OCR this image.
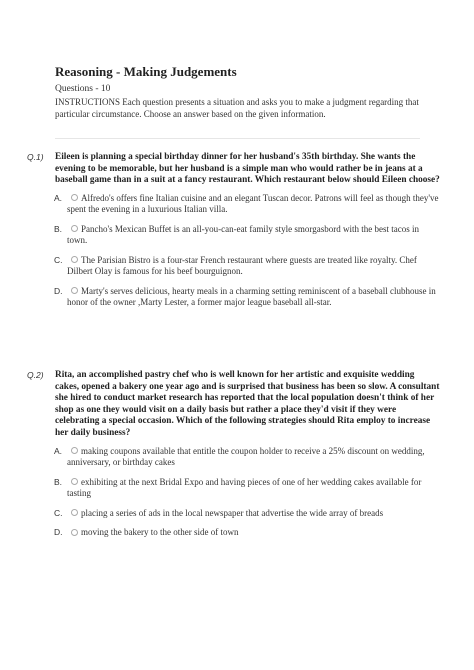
Reasoning - Making Judgements
Questions - 10
INSTRUCTIONS Each question presents a situation and asks you to make a judgment regarding that particular circumstance. Choose an answer based on the given information.
Q.1) Eileen is planning a special birthday dinner for her husband's 35th birthday. She wants the evening to be memorable, but her husband is a simple man who would rather be in jeans at a baseball game than in a suit at a fancy restaurant. Which restaurant below should Eileen choose?
A. Alfredo's offers fine Italian cuisine and an elegant Tuscan decor. Patrons will feel as though they've spent the evening in a luxurious Italian villa.
B. Pancho's Mexican Buffet is an all-you-can-eat family style smorgasbord with the best tacos in town.
C. The Parisian Bistro is a four-star French restaurant where guests are treated like royalty. Chef Dilbert Olay is famous for his beef bourguignon.
D. Marty's serves delicious, hearty meals in a charming setting reminiscent of a baseball clubhouse in honor of the owner ,Marty Lester, a former major league baseball all-star.
Q.2) Rita, an accomplished pastry chef who is well known for her artistic and exquisite wedding cakes, opened a bakery one year ago and is surprised that business has been so slow. A consultant she hired to conduct market research has reported that the local population doesn't think of her shop as one they would visit on a daily basis but rather a place they'd visit if they were celebrating a special occasion. Which of the following strategies should Rita employ to increase her daily business?
A. making coupons available that entitle the coupon holder to receive a 25% discount on wedding, anniversary, or birthday cakes
B. exhibiting at the next Bridal Expo and having pieces of one of her wedding cakes available for tasting
C. placing a series of ads in the local newspaper that advertise the wide array of breads
D. moving the bakery to the other side of town
